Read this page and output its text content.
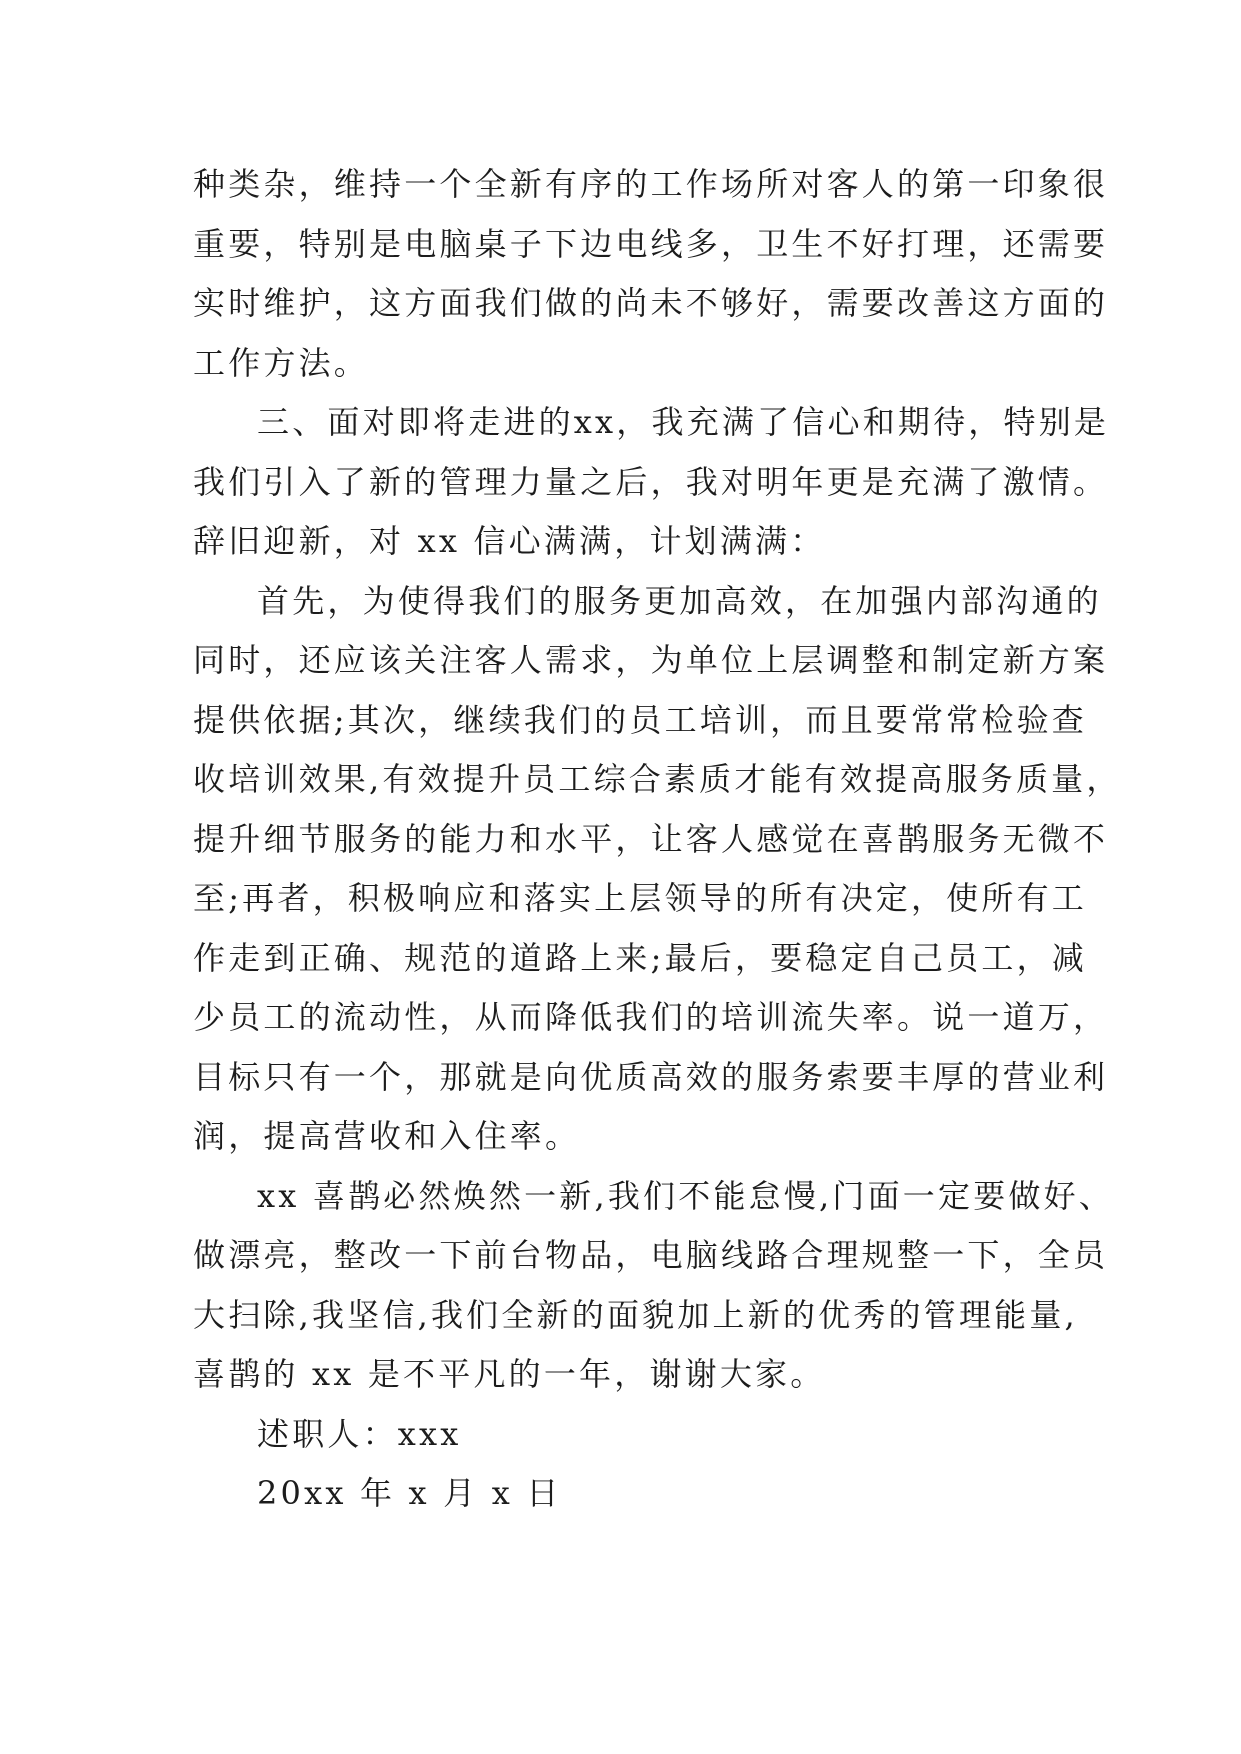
种类杂，维持一个全新有序的工作场所对客人的第一印象很
重要，特别是电脑桌子下边电线多，卫生不好打理，还需要
实时维护，这方面我们做的尚未不够好，需要改善这方面的
工作方法。
三、面对即将走进的xx，我充满了信心和期待，特别是
我们引入了新的管理力量之后，我对明年更是充满了激情。
辞旧迎新，对 xx 信心满满，计划满满：
首先，为使得我们的服务更加高效，在加强内部沟通的
同时，还应该关注客人需求，为单位上层调整和制定新方案
提供依据;其次，继续我们的员工培训，而且要常常检验查
收培训效果,有效提升员工综合素质才能有效提高服务质量，
提升细节服务的能力和水平，让客人感觉在喜鹊服务无微不
至;再者，积极响应和落实上层领导的所有决定，使所有工
作走到正确、规范的道路上来;最后，要稳定自己员工，减
少员工的流动性，从而降低我们的培训流失率。说一道万，
目标只有一个，那就是向优质高效的服务索要丰厚的营业利
润，提高营收和入住率。
xx 喜鹊必然焕然一新,我们不能怠慢,门面一定要做好、
做漂亮，整改一下前台物品，电脑线路合理规整一下，全员
大扫除,我坚信,我们全新的面貌加上新的优秀的管理能量,
喜鹊的 xx 是不平凡的一年，谢谢大家。
述职人：xxx
20xx 年 x 月 x 日
